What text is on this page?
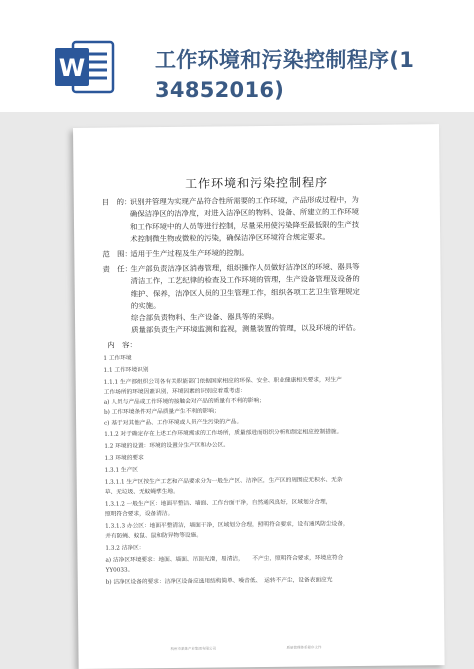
W	工作环境和污染控制程序(1
34852016)
工作环境和污染控制程序
目　的：

识别并管理为实现产品符合性所需要的工作环境，产品形成过程中，为
确保洁净区的洁净度，对进入洁净区的物料、设备、所建立的工作环境
和工作环境中的人员等进行控制，尽量采用使污染降至最低限的生产技
术控制微生物或微粒的污染，确保洁净区环境符合规定要求。

范　围：

适用于生产过程及生产环境的控制。

责　任：

生产部负责洁净区消毒管理，组织操作人员做好洁净区的环境、器具等
清洁工作，工艺纪律的检查及工作环境的管理，生产设备管理及设备的
维护、保养，洁净区人员的卫生管理工作，组织各项工艺卫生管理规定
的实施。
综合部负责物料、生产设备、器具等的采购。
质量部负责生产环境监测和监视，测量装置的管理，以及环境的评估。

内　容：
1 工作环境
1.1 工作环境识别
1.1.1 生产部组织公司各有关职能部门依据国家相应的环保、安全、职业健康相关要求，对生产
工作场所的环境因素识别，环境因素的识别应着重考虑：
a) 人员与产品或工作环境的接触会对产品的质量有不利的影响；
b) 工作环境条件对产品质量产生不利的影响；
c) 基于对其他产品、工作环境或人员产生污染的产品。
1.1.2 对于确定存在上述工作环境需求的工作场所，质量部进而组织分析和制定相应控制措施。
1.2 环境的设置：环境的设置分生产区和办公区。
1.3 环境的要求
1.3.1 生产区
1.3.1.1 生产区按生产工艺和产品要求分为一般生产区、洁净区，生产区的周围应无积水、无杂
草、无垃圾、无蚊蝇孳生地。
1.3.1.2 一般生产区：地面平整洁、墙面、工作台面干净，自然通风良好，区域划分合理，
照明符合要求，设备清洁。
1.3.1.3 办公区：地面平整清洁，墙面干净，区域划分合理，照明符合要求，设有通风防尘设备，
并有防蝇、蚊鼠、鼠和防异物等设施。
1.3.2 洁净区：
a) 洁净区环境要求：地面、墙面、吊顶光滑，易清洁，　　不产尘，照明符合要求，环境应符合
YY0033。
b) 洁净区设备的要求：洁净区设备应选用结构简单、噪音低、　运转不产尘，设备表面应光
杭州市某某产业集团有限公司	质量管理体系程序文件
